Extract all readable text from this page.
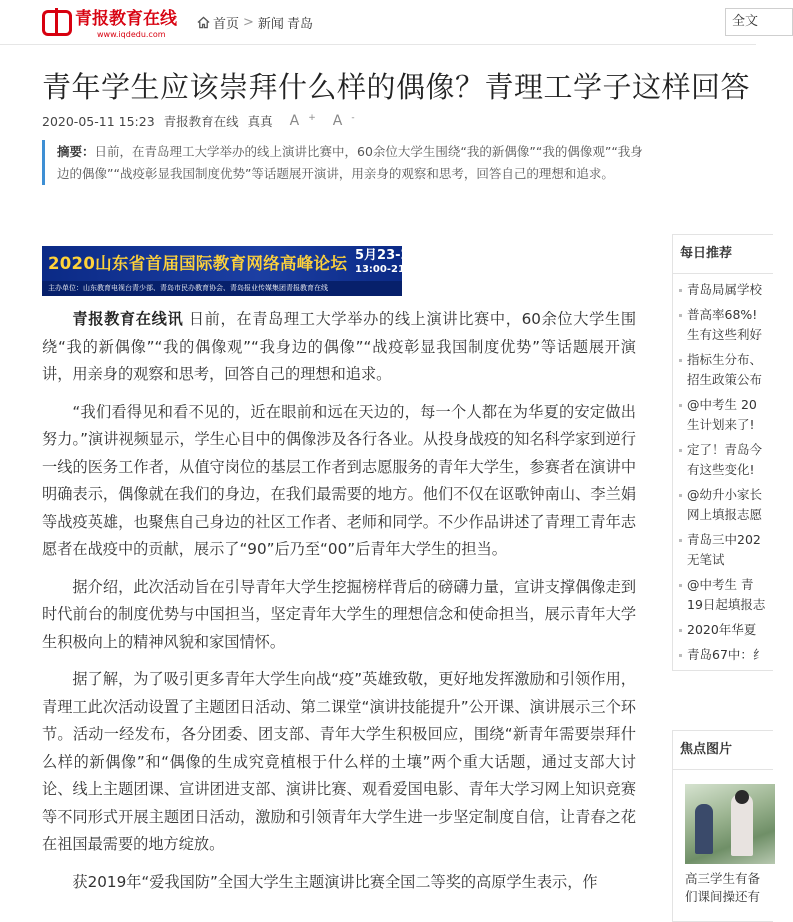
青报教育在线
www.iqdedu.com
首页 > 新闻 青岛	全文
青年学生应该崇拜什么样的偶像？青理工学子这样回答
2020-05-11 15:23 青报教育在线 真真 A + A -
摘要：日前，在青岛理工大学举办的线上演讲比赛中，60余位大学生围绕“我的新偶像”“我的偶像观”“我身边的偶像”“战疫彰显我国制度优势”等话题展开演讲，用亲身的观察和思考，回答自己的理想和追求。
2020山东省首届国际教育网络高峰论坛 5月23-24日
13:00-21:00
主办单位：山东教育电视台青少部、青岛市民办教育协会、青岛报业传媒集团青报教育在线

青报教育在线讯 日前，在青岛理工大学举办的线上演讲比赛中，60余位大学生围绕“我的新偶像”“我的偶像观”“我身边的偶像”“战疫彰显我国制度优势”等话题展开演讲，用亲身的观察和思考，回答自己的理想和追求。

“我们看得见和看不见的，近在眼前和远在天边的，每一个人都在为华夏的安定做出努力。”演讲视频显示，学生心目中的偶像涉及各行各业。从投身战疫的知名科学家到逆行一线的医务工作者，从值守岗位的基层工作者到志愿服务的青年大学生，参赛者在演讲中明确表示，偶像就在我们的身边，在我们最需要的地方。他们不仅在讴歌钟南山、李兰娟等战疫英雄，也聚焦自己身边的社区工作者、老师和同学。不少作品讲述了青理工青年志愿者在战疫中的贡献，展示了“90”后乃至“00”后青年大学生的担当。

据介绍，此次活动旨在引导青年大学生挖掘榜样背后的磅礴力量，宣讲支撑偶像走到时代前台的制度优势与中国担当，坚定青年大学生的理想信念和使命担当，展示青年大学生积极向上的精神风貌和家国情怀。

据了解，为了吸引更多青年大学生向战“疫”英雄致敬，更好地发挥激励和引领作用，青理工此次活动设置了主题团日活动、第二课堂“演讲技能提升”公开课、演讲展示三个环节。活动一经发布，各分团委、团支部、青年大学生积极回应，围绕“新青年需要崇拜什么样的新偶像”和“偶像的生成究竟植根于什么样的土壤”两个重大话题，通过支部大讨论、线上主题团课、宣讲团进支部、演讲比赛、观看爱国电影、青年大学习网上知识竞赛等不同形式开展主题团日活动，激励和引领青年大学生进一步坚定制度自信，让青春之花在祖国最需要的地方绽放。

获2019年“爱我国防”全国大学生主题演讲比赛全国二等奖的高原学生表示，作

每日推荐
青岛局属学校
普高率68%!
生有这些利好
指标生分布、
招生政策公布
@中考生 20
生计划来了!
定了！青岛今
有这些变化!
@幼升小家长
网上填报志愿
青岛三中202
无笔试
@中考生 青
19日起填报志
2020年华夏
青岛67中：纟
焦点图片
高三学生有备
们课间操还有
